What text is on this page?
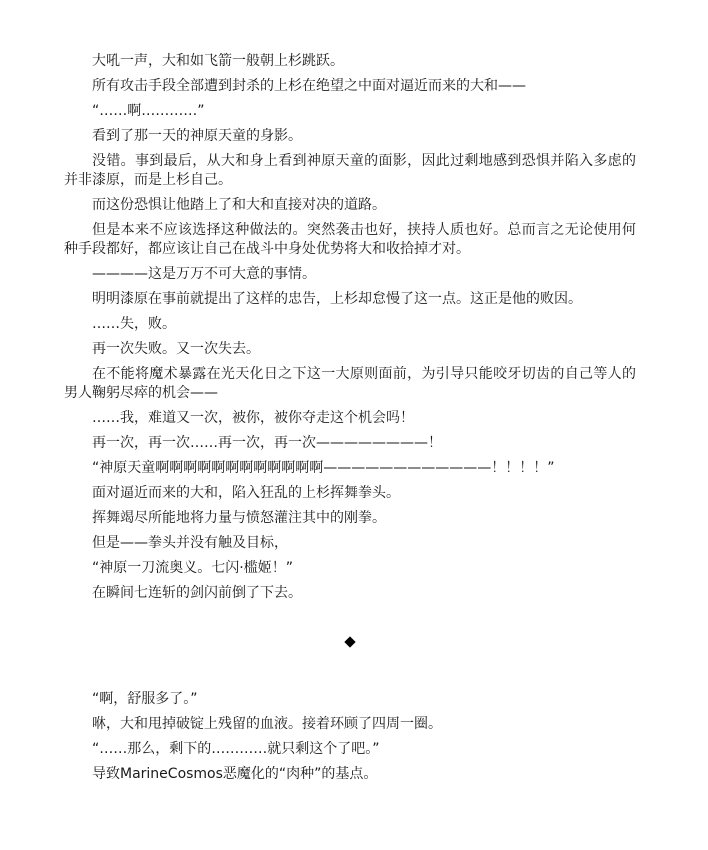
大吼一声，大和如飞箭一般朝上杉跳跃。

所有攻击手段全部遭到封杀的上杉在绝望之中面对逼近而来的大和——

“……啊…………”

看到了那一天的神原天童的身影。

没错。事到最后，从大和身上看到神原天童的面影，因此过剩地感到恐惧并陷入多虑的并非漆原，而是上杉自己。

而这份恐惧让他踏上了和大和直接对决的道路。

但是本来不应该选择这种做法的。突然袭击也好，挟持人质也好。总而言之无论使用何种手段都好，都应该让自己在战斗中身处优势将大和收拾掉才对。

————这是万万不可大意的事情。

明明漆原在事前就提出了这样的忠告，上杉却怠慢了这一点。这正是他的败因。

……失，败。

再一次失败。又一次失去。

在不能将魔术暴露在光天化日之下这一大原则面前，为引导只能咬牙切齿的自己等人的男人鞠躬尽瘁的机会——

……我，难道又一次，被你，被你夺走这个机会吗！

再一次，再一次……再一次，再一次————————！

“神原天童啊啊啊啊啊啊啊啊啊啊啊啊————————————！！！！”

面对逼近而来的大和，陷入狂乱的上杉挥舞拳头。

挥舞竭尽所能地将力量与愤怒灌注其中的刚拳。

但是——拳头并没有触及目标，

“神原一刀流奥义。七闪·槛姬！”

在瞬间七连斩的剑闪前倒了下去。

“啊，舒服多了。”

咻，大和甩掉破锭上残留的血液。接着环顾了四周一圈。

“……那么，剩下的…………就只剩这个了吧。”

导致MarineCosmos恶魔化的“肉种”的基点。
